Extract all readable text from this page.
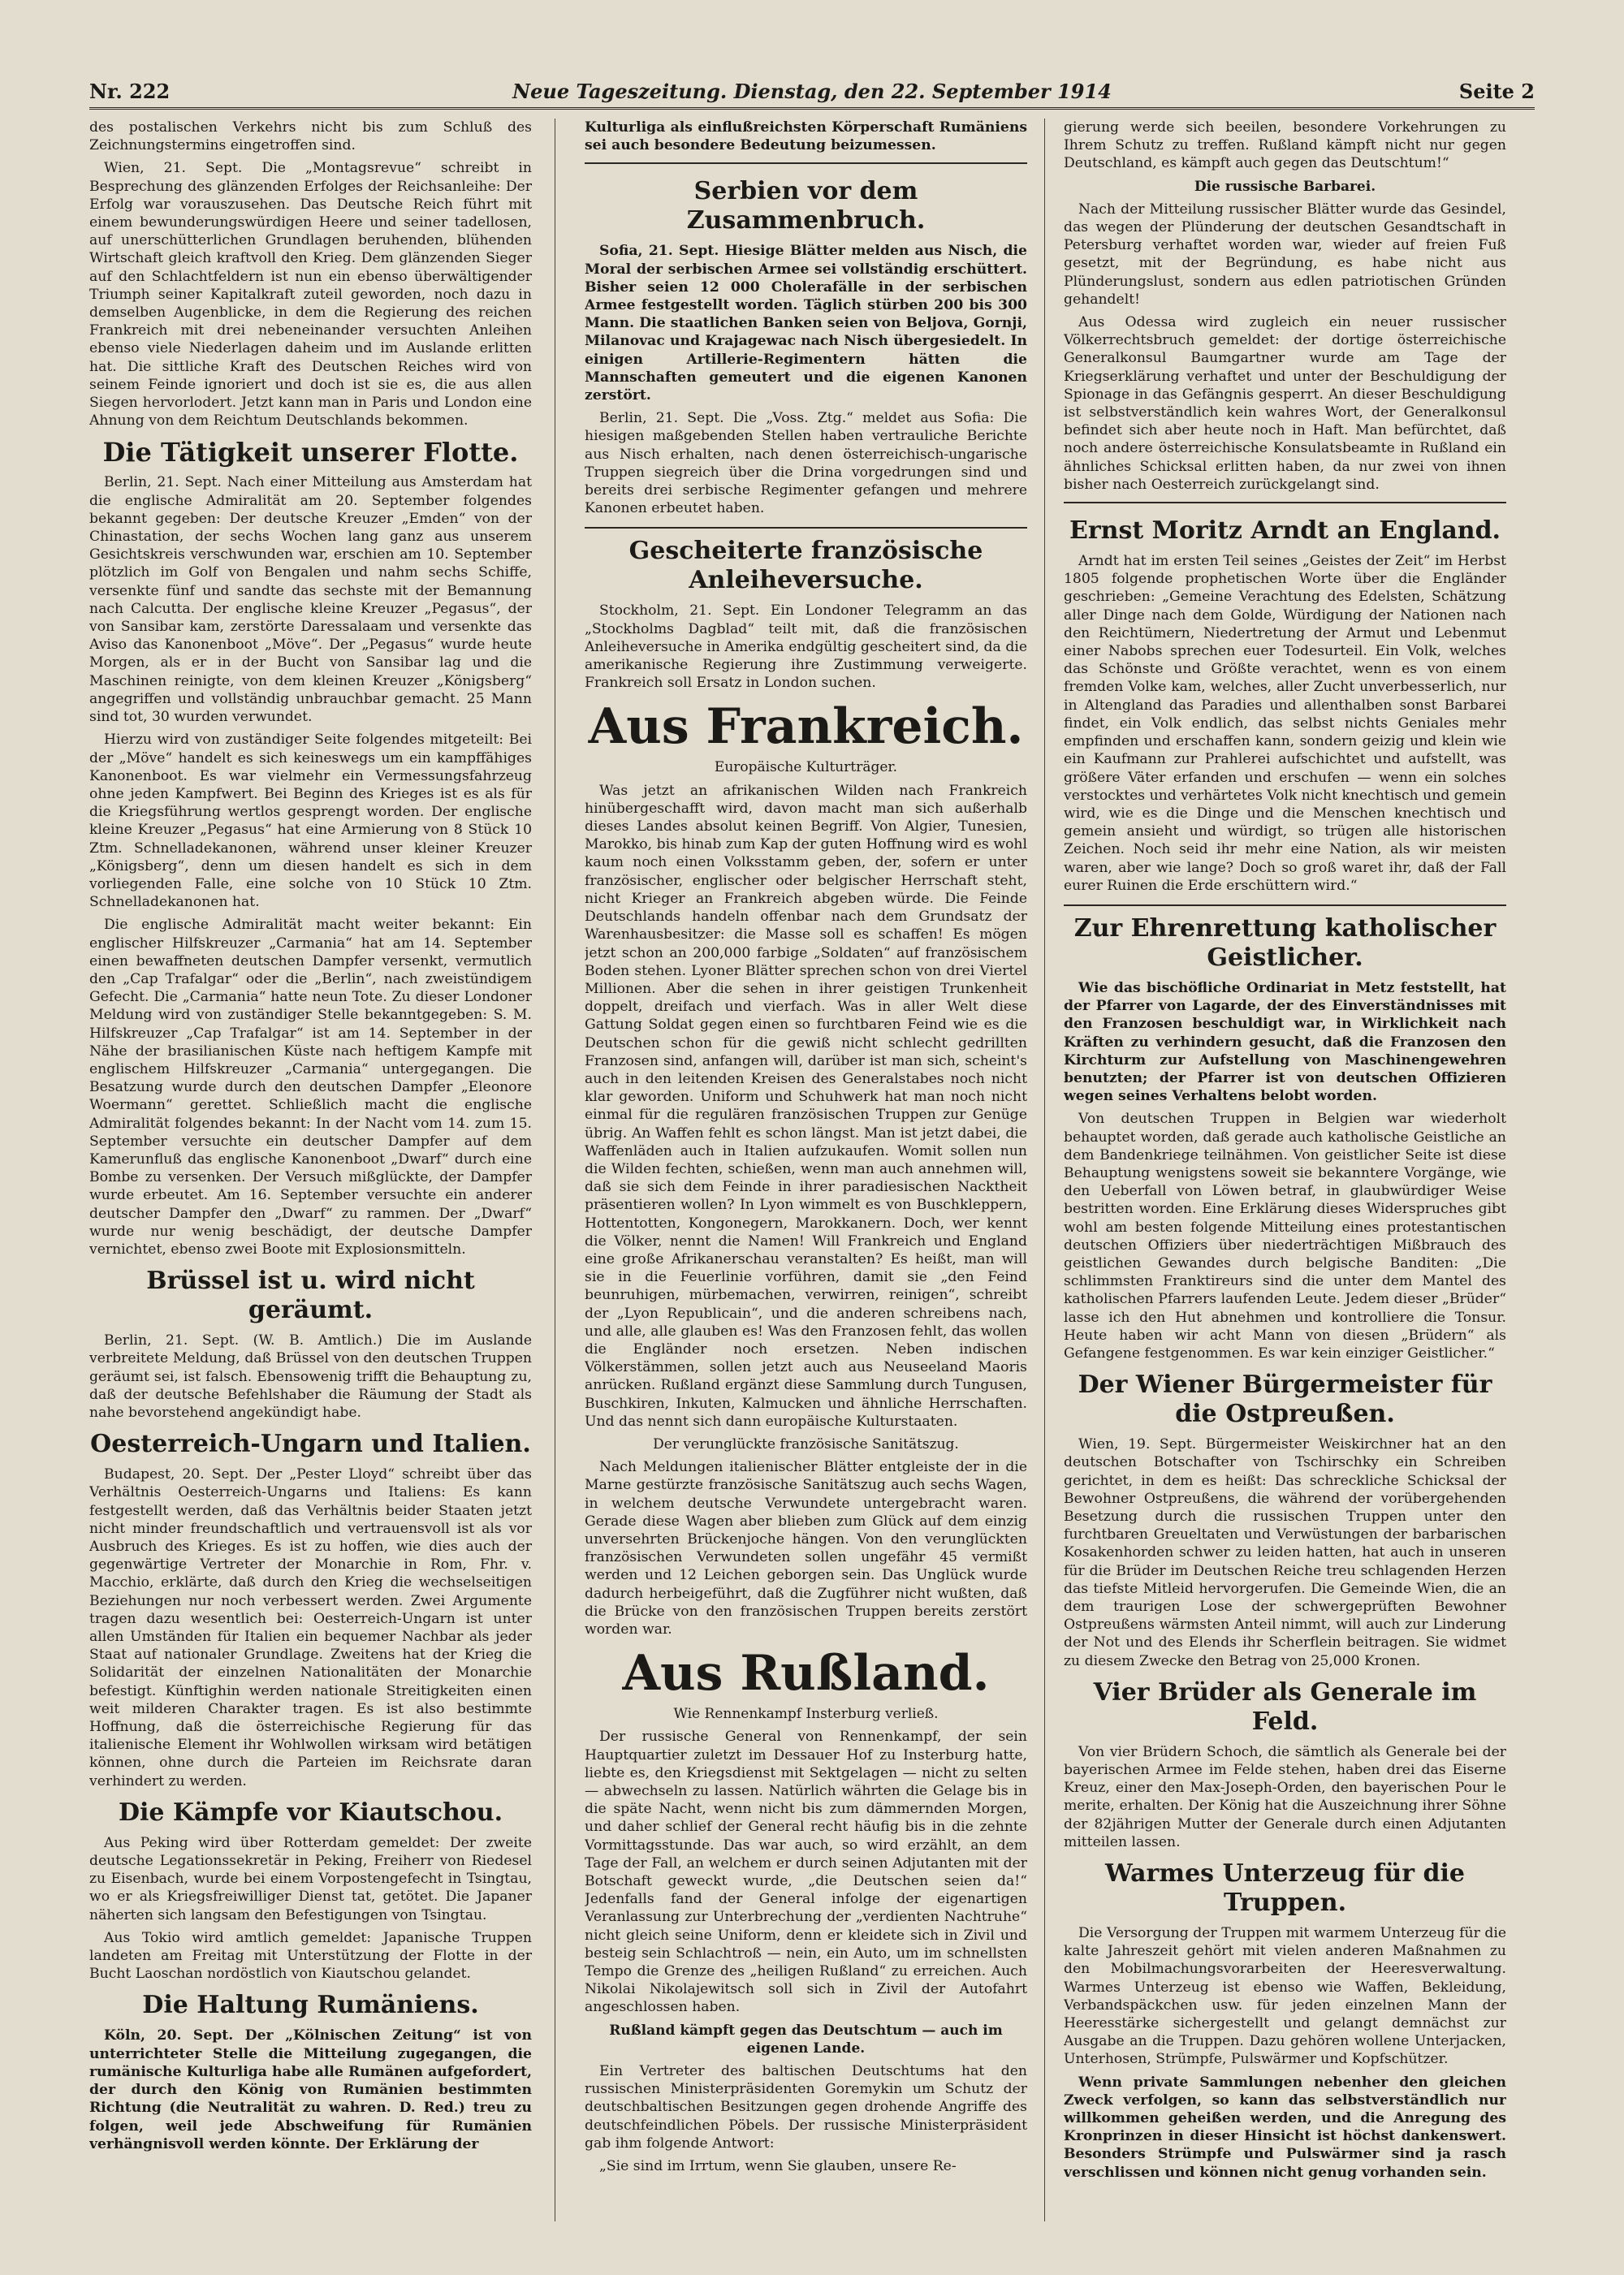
Nr. 222	Neue Tageszeitung. Dienstag, den 22. September 1914	Seite 2

des postalischen Verkehrs nicht bis zum Schluß des Zeichnungstermins eingetroffen sind.

Wien, 21. Sept. Die „Montagsrevue“ schreibt in Besprechung des glänzenden Erfolges der Reichsanleihe: Der Erfolg war vorauszusehen. Das Deutsche Reich führt mit einem bewunderungswürdigen Heere und seiner tadellosen, auf unerschütterlichen Grundlagen beruhenden, blühenden Wirtschaft gleich kraftvoll den Krieg. Dem glänzenden Sieger auf den Schlachtfeldern ist nun ein ebenso überwältigender Triumph seiner Kapitalkraft zuteil geworden, noch dazu in demselben Augenblicke, in dem die Regierung des reichen Frankreich mit drei nebeneinander versuchten Anleihen ebenso viele Niederlagen daheim und im Auslande erlitten hat. Die sittliche Kraft des Deutschen Reiches wird von seinem Feinde ignoriert und doch ist sie es, die aus allen Siegen hervorlodert. Jetzt kann man in Paris und London eine Ahnung von dem Reichtum Deutschlands bekommen.

Die Tätigkeit unserer Flotte.

Berlin, 21. Sept. Nach einer Mitteilung aus Amsterdam hat die englische Admiralität am 20. September folgendes bekannt gegeben: Der deutsche Kreuzer „Emden“ von der Chinastation, der sechs Wochen lang ganz aus unserem Gesichtskreis verschwunden war, erschien am 10. September plötzlich im Golf von Bengalen und nahm sechs Schiffe, versenkte fünf und sandte das sechste mit der Bemannung nach Calcutta. Der englische kleine Kreuzer „Pegasus“, der von Sansibar kam, zerstörte Daressalaam und versenkte das Aviso das Kanonenboot „Möve“. Der „Pegasus“ wurde heute Morgen, als er in der Bucht von Sansibar lag und die Maschinen reinigte, von dem kleinen Kreuzer „Königsberg“ angegriffen und vollständig unbrauchbar gemacht. 25 Mann sind tot, 30 wurden verwundet.

Hierzu wird von zuständiger Seite folgendes mitgeteilt: Bei der „Möve“ handelt es sich keineswegs um ein kampffähiges Kanonenboot. Es war vielmehr ein Vermessungsfahrzeug ohne jeden Kampfwert. Bei Beginn des Krieges ist es als für die Kriegsführung wertlos gesprengt worden. Der englische kleine Kreuzer „Pegasus“ hat eine Armierung von 8 Stück 10 Ztm. Schnelladekanonen, während unser kleiner Kreuzer „Königsberg“, denn um diesen handelt es sich in dem vorliegenden Falle, eine solche von 10 Stück 10 Ztm. Schnelladekanonen hat.

Die englische Admiralität macht weiter bekannt: Ein englischer Hilfskreuzer „Carmania“ hat am 14. September einen bewaffneten deutschen Dampfer versenkt, vermutlich den „Cap Trafalgar“ oder die „Berlin“, nach zweistündigem Gefecht. Die „Carmania“ hatte neun Tote. Zu dieser Londoner Meldung wird von zuständiger Stelle bekanntgegeben: S. M. Hilfskreuzer „Cap Trafalgar“ ist am 14. September in der Nähe der brasilianischen Küste nach heftigem Kampfe mit englischem Hilfskreuzer „Carmania“ untergegangen. Die Besatzung wurde durch den deutschen Dampfer „Eleonore Woermann“ gerettet. Schließlich macht die englische Admiralität folgendes bekannt: In der Nacht vom 14. zum 15. September versuchte ein deutscher Dampfer auf dem Kamerunfluß das englische Kanonenboot „Dwarf“ durch eine Bombe zu versenken. Der Versuch mißglückte, der Dampfer wurde erbeutet. Am 16. September versuchte ein anderer deutscher Dampfer den „Dwarf“ zu rammen. Der „Dwarf“ wurde nur wenig beschädigt, der deutsche Dampfer vernichtet, ebenso zwei Boote mit Explosionsmitteln.

Brüssel ist u. wird nicht geräumt.

Berlin, 21. Sept. (W. B. Amtlich.) Die im Auslande verbreitete Meldung, daß Brüssel von den deutschen Truppen geräumt sei, ist falsch. Ebensowenig trifft die Behauptung zu, daß der deutsche Befehlshaber die Räumung der Stadt als nahe bevorstehend angekündigt habe.

Oesterreich-Ungarn und Italien.

Budapest, 20. Sept. Der „Pester Lloyd“ schreibt über das Verhältnis Oesterreich-Ungarns und Italiens: Es kann festgestellt werden, daß das Verhältnis beider Staaten jetzt nicht minder freundschaftlich und vertrauensvoll ist als vor Ausbruch des Krieges. Es ist zu hoffen, wie dies auch der gegenwärtige Vertreter der Monarchie in Rom, Fhr. v. Macchio, erklärte, daß durch den Krieg die wechselseitigen Beziehungen nur noch verbessert werden. Zwei Argumente tragen dazu wesentlich bei: Oesterreich-Ungarn ist unter allen Umständen für Italien ein bequemer Nachbar als jeder Staat auf nationaler Grundlage. Zweitens hat der Krieg die Solidarität der einzelnen Nationalitäten der Monarchie befestigt. Künftighin werden nationale Streitigkeiten einen weit milderen Charakter tragen. Es ist also bestimmte Hoffnung, daß die österreichische Regierung für das italienische Element ihr Wohlwollen wirksam wird betätigen können, ohne durch die Parteien im Reichsrate daran verhindert zu werden.

Die Kämpfe vor Kiautschou.

Aus Peking wird über Rotterdam gemeldet: Der zweite deutsche Legationssekretär in Peking, Freiherr von Riedesel zu Eisenbach, wurde bei einem Vorpostengefecht in Tsingtau, wo er als Kriegsfreiwilliger Dienst tat, getötet. Die Japaner näherten sich langsam den Befestigungen von Tsingtau.

Aus Tokio wird amtlich gemeldet: Japanische Truppen landeten am Freitag mit Unterstützung der Flotte in der Bucht Laoschan nordöstlich von Kiautschou gelandet.

Die Haltung Rumäniens.

Köln, 20. Sept. Der „Kölnischen Zeitung“ ist von unterrichteter Stelle die Mitteilung zugegangen, die rumänische Kulturliga habe alle Rumänen aufgefordert, der durch den König von Rumänien bestimmten Richtung (die Neutralität zu wahren. D. Red.) treu zu folgen, weil jede Abschweifung für Rumänien verhängnisvoll werden könnte. Der Erklärung der

Kulturliga als einflußreichsten Körperschaft Rumäniens sei auch besondere Bedeutung beizumessen.

Serbien vor dem Zusammenbruch.

Sofia, 21. Sept. Hiesige Blätter melden aus Nisch, die Moral der serbischen Armee sei vollständig erschüttert. Bisher seien 12 000 Cholerafälle in der serbischen Armee festgestellt worden. Täglich stürben 200 bis 300 Mann. Die staatlichen Banken seien von Beljova, Gornji, Milanovac und Krajagewac nach Nisch übergesiedelt. In einigen Artillerie-Regimentern hätten die Mannschaften gemeutert und die eigenen Kanonen zerstört.

Berlin, 21. Sept. Die „Voss. Ztg.“ meldet aus Sofia: Die hiesigen maßgebenden Stellen haben vertrauliche Berichte aus Nisch erhalten, nach denen österreichisch-ungarische Truppen siegreich über die Drina vorgedrungen sind und bereits drei serbische Regimenter gefangen und mehrere Kanonen erbeutet haben.

Gescheiterte französische Anleiheversuche.

Stockholm, 21. Sept. Ein Londoner Telegramm an das „Stockholms Dagblad“ teilt mit, daß die französischen Anleiheversuche in Amerika endgültig gescheitert sind, da die amerikanische Regierung ihre Zustimmung verweigerte. Frankreich soll Ersatz in London suchen.

Aus Frankreich.
Europäische Kulturträger.

Was jetzt an afrikanischen Wilden nach Frankreich hinübergeschafft wird, davon macht man sich außerhalb dieses Landes absolut keinen Begriff. Von Algier, Tunesien, Marokko, bis hinab zum Kap der guten Hoffnung wird es wohl kaum noch einen Volksstamm geben, der, sofern er unter französischer, englischer oder belgischer Herrschaft steht, nicht Krieger an Frankreich abgeben würde. Die Feinde Deutschlands handeln offenbar nach dem Grundsatz der Warenhausbesitzer: die Masse soll es schaffen! Es mögen jetzt schon an 200,000 farbige „Soldaten“ auf französischem Boden stehen. Lyoner Blätter sprechen schon von drei Viertel Millionen. Aber die sehen in ihrer geistigen Trunkenheit doppelt, dreifach und vierfach. Was in aller Welt diese Gattung Soldat gegen einen so furchtbaren Feind wie es die Deutschen schon für die gewiß nicht schlecht gedrillten Franzosen sind, anfangen will, darüber ist man sich, scheint's auch in den leitenden Kreisen des Generalstabes noch nicht klar geworden. Uniform und Schuhwerk hat man noch nicht einmal für die regulären französischen Truppen zur Genüge übrig. An Waffen fehlt es schon längst. Man ist jetzt dabei, die Waffenläden auch in Italien aufzukaufen. Womit sollen nun die Wilden fechten, schießen, wenn man auch annehmen will, daß sie sich dem Feinde in ihrer paradiesischen Nacktheit präsentieren wollen? In Lyon wimmelt es von Buschkleppern, Hottentotten, Kongonegern, Marokkanern. Doch, wer kennt die Völker, nennt die Namen! Will Frankreich und England eine große Afrikanerschau veranstalten? Es heißt, man will sie in die Feuerlinie vorführen, damit sie „den Feind beunruhigen, mürbemachen, verwirren, reinigen“, schreibt der „Lyon Republicain“, und die anderen schreibens nach, und alle, alle glauben es! Was den Franzosen fehlt, das wollen die Engländer noch ersetzen. Neben indischen Völkerstämmen, sollen jetzt auch aus Neuseeland Maoris anrücken. Rußland ergänzt diese Sammlung durch Tungusen, Buschkiren, Inkuten, Kalmucken und ähnliche Herrschaften. Und das nennt sich dann europäische Kulturstaaten.

Der verunglückte französische Sanitätszug.

Nach Meldungen italienischer Blätter entgleiste der in die Marne gestürzte französische Sanitätszug auch sechs Wagen, in welchem deutsche Verwundete untergebracht waren. Gerade diese Wagen aber blieben zum Glück auf dem einzig unversehrten Brückenjoche hängen. Von den verunglückten französischen Verwundeten sollen ungefähr 45 vermißt werden und 12 Leichen geborgen sein. Das Unglück wurde dadurch herbeigeführt, daß die Zugführer nicht wußten, daß die Brücke von den französischen Truppen bereits zerstört worden war.

Aus Rußland.
Wie Rennenkampf Insterburg verließ.

Der russische General von Rennenkampf, der sein Hauptquartier zuletzt im Dessauer Hof zu Insterburg hatte, liebte es, den Kriegsdienst mit Sektgelagen — nicht zu selten — abwechseln zu lassen. Natürlich währten die Gelage bis in die späte Nacht, wenn nicht bis zum dämmernden Morgen, und daher schlief der General recht häufig bis in die zehnte Vormittagsstunde. Das war auch, so wird erzählt, an dem Tage der Fall, an welchem er durch seinen Adjutanten mit der Botschaft geweckt wurde, „die Deutschen seien da!“ Jedenfalls fand der General infolge der eigenartigen Veranlassung zur Unterbrechung der „verdienten Nachtruhe“ nicht gleich seine Uniform, denn er kleidete sich in Zivil und besteig sein Schlachtroß — nein, ein Auto, um im schnellsten Tempo die Grenze des „heiligen Rußland“ zu erreichen. Auch Nikolai Nikolajewitsch soll sich in Zivil der Autofahrt angeschlossen haben.

Rußland kämpft gegen das Deutschtum — auch im eigenen Lande.

Ein Vertreter des baltischen Deutschtums hat den russischen Ministerpräsidenten Goremykin um Schutz der deutschbaltischen Besitzungen gegen drohende Angriffe des deutschfeindlichen Pöbels. Der russische Ministerpräsident gab ihm folgende Antwort:

„Sie sind im Irrtum, wenn Sie glauben, unsere Re-

gierung werde sich beeilen, besondere Vorkehrungen zu Ihrem Schutz zu treffen. Rußland kämpft nicht nur gegen Deutschland, es kämpft auch gegen das Deutschtum!“

Die russische Barbarei.

Nach der Mitteilung russischer Blätter wurde das Gesindel, das wegen der Plünderung der deutschen Gesandtschaft in Petersburg verhaftet worden war, wieder auf freien Fuß gesetzt, mit der Begründung, es habe nicht aus Plünderungslust, sondern aus edlen patriotischen Gründen gehandelt!

Aus Odessa wird zugleich ein neuer russischer Völkerrechtsbruch gemeldet: der dortige österreichische Generalkonsul Baumgartner wurde am Tage der Kriegserklärung verhaftet und unter der Beschuldigung der Spionage in das Gefängnis gesperrt. An dieser Beschuldigung ist selbstverständlich kein wahres Wort, der Generalkonsul befindet sich aber heute noch in Haft. Man befürchtet, daß noch andere österreichische Konsulatsbeamte in Rußland ein ähnliches Schicksal erlitten haben, da nur zwei von ihnen bisher nach Oesterreich zurückgelangt sind.

Ernst Moritz Arndt an England.

Arndt hat im ersten Teil seines „Geistes der Zeit“ im Herbst 1805 folgende prophetischen Worte über die Engländer geschrieben: „Gemeine Verachtung des Edelsten, Schätzung aller Dinge nach dem Golde, Würdigung der Nationen nach den Reichtümern, Niedertretung der Armut und Lebenmut einer Nabobs sprechen euer Todesurteil. Ein Volk, welches das Schönste und Größte verachtet, wenn es von einem fremden Volke kam, welches, aller Zucht unverbesserlich, nur in Altengland das Paradies und allenthalben sonst Barbarei findet, ein Volk endlich, das selbst nichts Geniales mehr empfinden und erschaffen kann, sondern geizig und klein wie ein Kaufmann zur Prahlerei aufschichtet und aufstellt, was größere Väter erfanden und erschufen — wenn ein solches verstocktes und verhärtetes Volk nicht knechtisch und gemein wird, wie es die Dinge und die Menschen knechtisch und gemein ansieht und würdigt, so trügen alle historischen Zeichen. Noch seid ihr mehr eine Nation, als wir meisten waren, aber wie lange? Doch so groß waret ihr, daß der Fall eurer Ruinen die Erde erschüttern wird.“

Zur Ehrenrettung katholischer Geistlicher.

Wie das bischöfliche Ordinariat in Metz feststellt, hat der Pfarrer von Lagarde, der des Einverständnisses mit den Franzosen beschuldigt war, in Wirklichkeit nach Kräften zu verhindern gesucht, daß die Franzosen den Kirchturm zur Aufstellung von Maschinengewehren benutzten; der Pfarrer ist von deutschen Offizieren wegen seines Verhaltens belobt worden.

Von deutschen Truppen in Belgien war wiederholt behauptet worden, daß gerade auch katholische Geistliche an dem Bandenkriege teilnähmen. Von geistlicher Seite ist diese Behauptung wenigstens soweit sie bekanntere Vorgänge, wie den Ueberfall von Löwen betraf, in glaubwürdiger Weise bestritten worden. Eine Erklärung dieses Widerspruches gibt wohl am besten folgende Mitteilung eines protestantischen deutschen Offiziers über niederträchtigen Mißbrauch des geistlichen Gewandes durch belgische Banditen: „Die schlimmsten Franktireurs sind die unter dem Mantel des katholischen Pfarrers laufenden Leute. Jedem dieser „Brüder“ lasse ich den Hut abnehmen und kontrolliere die Tonsur. Heute haben wir acht Mann von diesen „Brüdern“ als Gefangene festgenommen. Es war kein einziger Geistlicher.“

Der Wiener Bürgermeister für die Ostpreußen.

Wien, 19. Sept. Bürgermeister Weiskirchner hat an den deutschen Botschafter von Tschirschky ein Schreiben gerichtet, in dem es heißt: Das schreckliche Schicksal der Bewohner Ostpreußens, die während der vorübergehenden Besetzung durch die russischen Truppen unter den furchtbaren Greueltaten und Verwüstungen der barbarischen Kosakenhorden schwer zu leiden hatten, hat auch in unseren für die Brüder im Deutschen Reiche treu schlagenden Herzen das tiefste Mitleid hervorgerufen. Die Gemeinde Wien, die an dem traurigen Lose der schwergeprüften Bewohner Ostpreußens wärmsten Anteil nimmt, will auch zur Linderung der Not und des Elends ihr Scherflein beitragen. Sie widmet zu diesem Zwecke den Betrag von 25,000 Kronen.

Vier Brüder als Generale im Feld.

Von vier Brüdern Schoch, die sämtlich als Generale bei der bayerischen Armee im Felde stehen, haben drei das Eiserne Kreuz, einer den Max-Joseph-Orden, den bayerischen Pour le merite, erhalten. Der König hat die Auszeichnung ihrer Söhne der 82jährigen Mutter der Generale durch einen Adjutanten mitteilen lassen.

Warmes Unterzeug für die Truppen.

Die Versorgung der Truppen mit warmem Unterzeug für die kalte Jahreszeit gehört mit vielen anderen Maßnahmen zu den Mobilmachungsvorarbeiten der Heeresverwaltung. Warmes Unterzeug ist ebenso wie Waffen, Bekleidung, Verbandspäckchen usw. für jeden einzelnen Mann der Heeresstärke sichergestellt und gelangt demnächst zur Ausgabe an die Truppen. Dazu gehören wollene Unterjacken, Unterhosen, Strümpfe, Pulswärmer und Kopfschützer.

Wenn private Sammlungen nebenher den gleichen Zweck verfolgen, so kann das selbstverständlich nur willkommen geheißen werden, und die Anregung des Kronprinzen in dieser Hinsicht ist höchst dankenswert. Besonders Strümpfe und Pulswärmer sind ja rasch verschlissen und können nicht genug vorhanden sein.
